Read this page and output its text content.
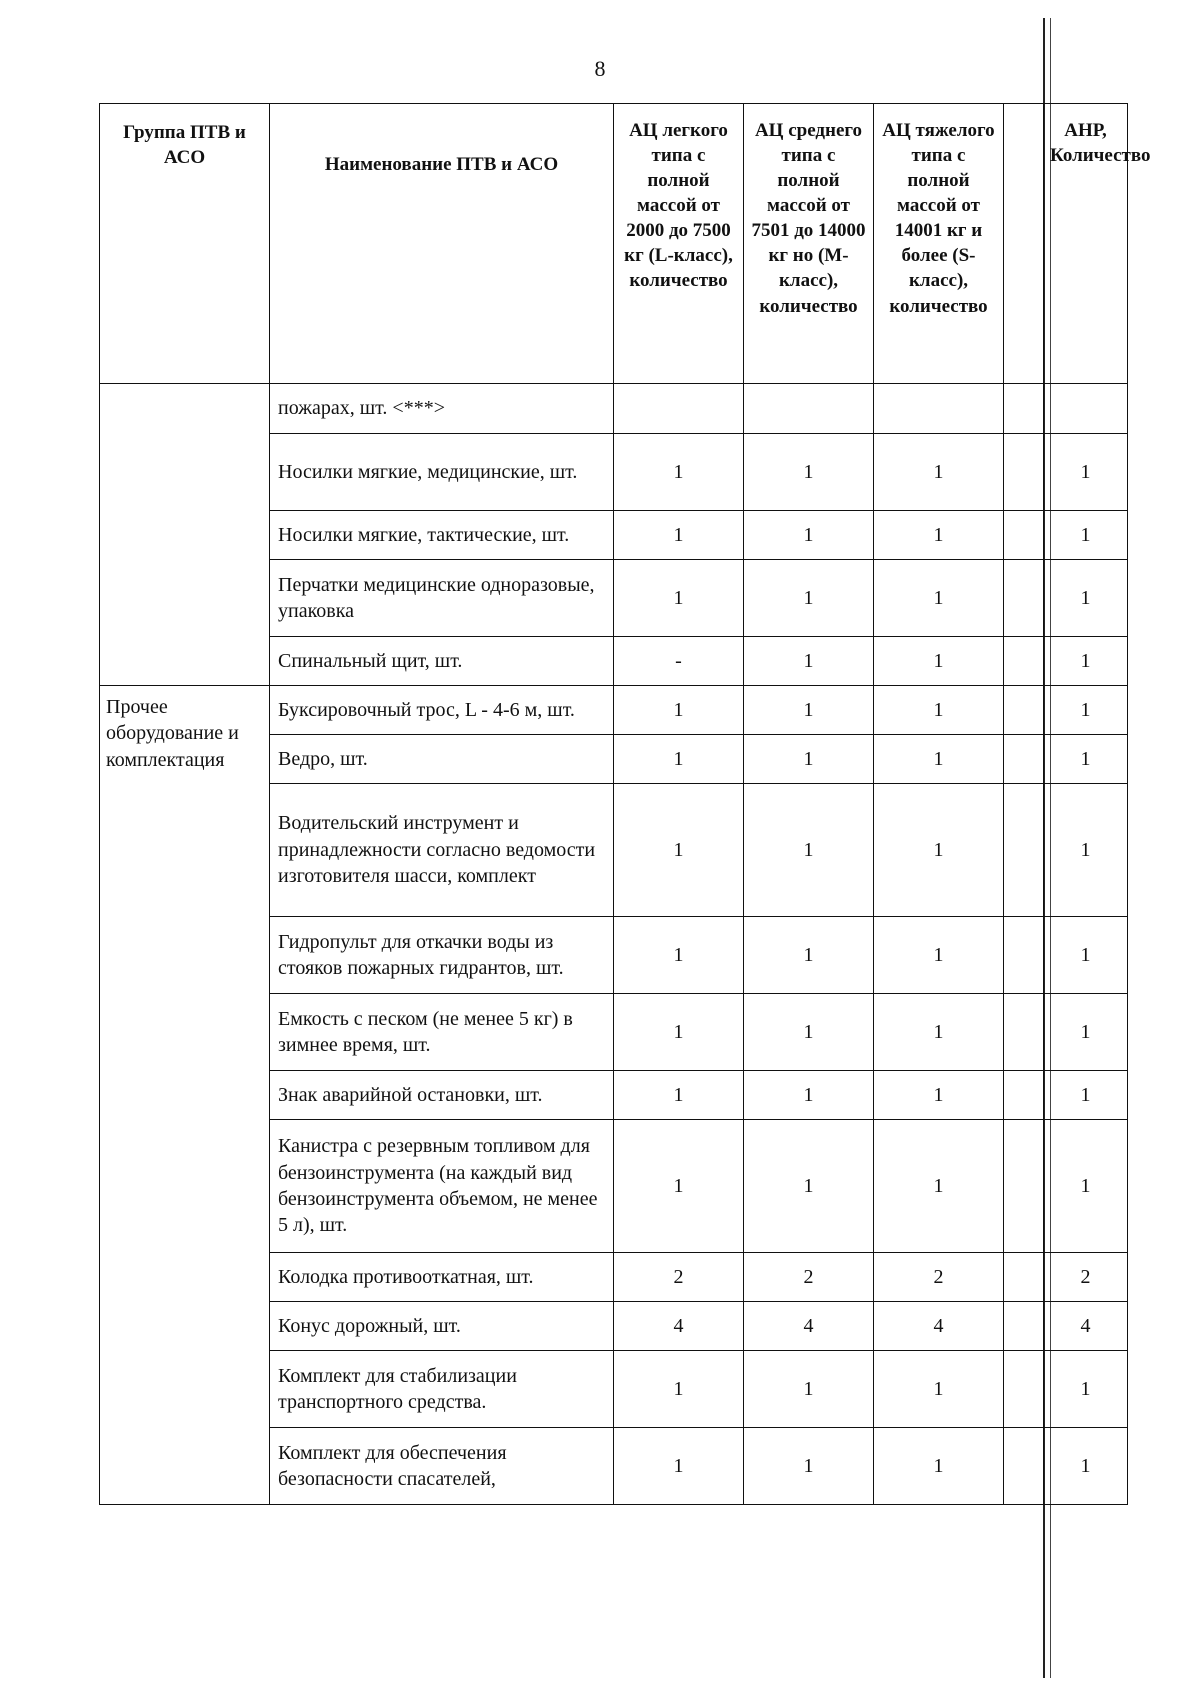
8
Группа ПТВ и АСО	Наименование ПТВ и АСО	АЦ легкого типа с полной массой от 2000 до 7500 кг (L-класс), количество	АЦ среднего типа с полной массой от 7501 до 14000 кг но (М-класс), количество	АЦ тяжелого типа с полной массой от 14001 кг и более (S-класс), количество		АНР, Количество
	пожарах, шт. <***>					
	Носилки мягкие, медицинские, шт.	1	1	1		1
	Носилки мягкие, тактические, шт.	1	1	1		1
	Перчатки медицинские одноразовые, упаковка	1	1	1		1
	Спинальный щит, шт.	-	1	1		1
Прочее оборудование и комплектация	Буксировочный трос, L - 4-6 м, шт.	1	1	1		1
	Ведро, шт.	1	1	1		1
	Водительский инструмент и принадлежности согласно ведомости изготовителя шасси, комплект	1	1	1		1
	Гидропульт для откачки воды из стояков пожарных гидрантов, шт.	1	1	1		1
	Емкость с песком (не менее 5 кг) в зимнее время, шт.	1	1	1		1
	Знак аварийной остановки, шт.	1	1	1		1
	Канистра с резервным топливом для бензоинструмента (на каждый вид бензоинструмента объемом, не менее 5 л), шт.	1	1	1		1
	Колодка противооткатная, шт.	2	2	2		2
	Конус дорожный, шт.	4	4	4		4
	Комплект для стабилизации транспортного средства.	1	1	1		1
	Комплект для обеспечения безопасности спасателей,	1	1	1		1
